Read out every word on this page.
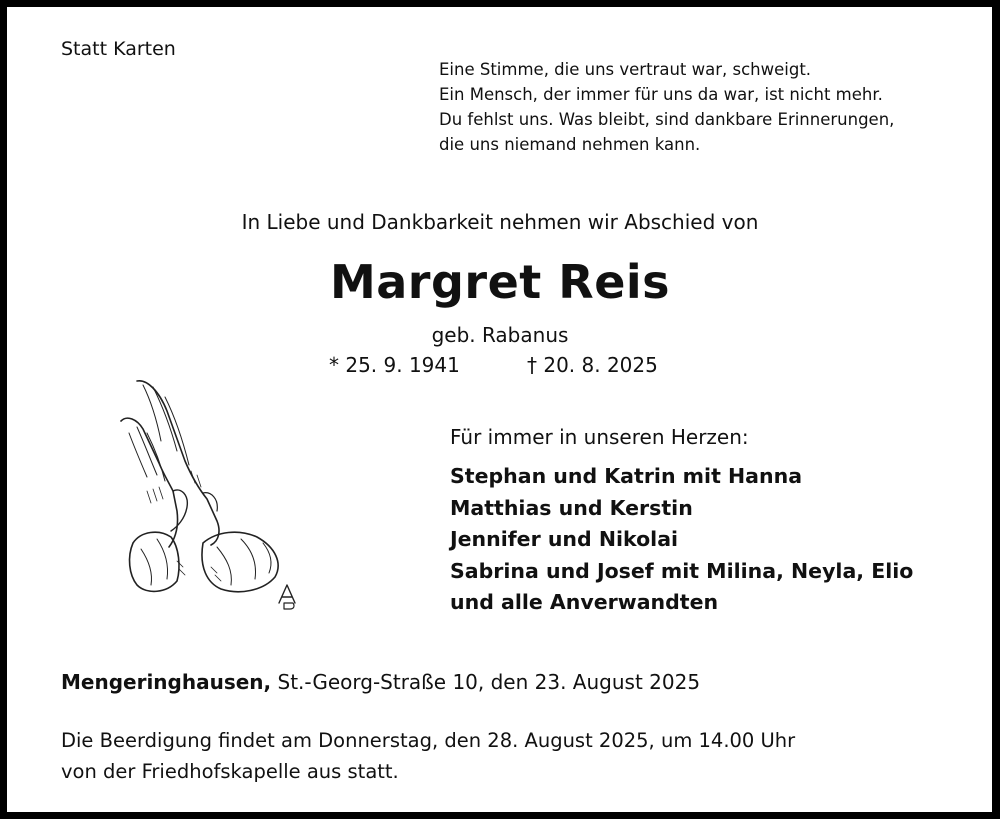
Statt Karten
Eine Stimme, die uns vertraut war, schweigt.
Ein Mensch, der immer für uns da war, ist nicht mehr.
Du fehlst uns. Was bleibt, sind dankbare Erinnerungen,
die uns niemand nehmen kann.
In Liebe und Dankbarkeit nehmen wir Abschied von
Margret Reis
geb. Rabanus
* 25. 9. 1941	† 20. 8. 2025
Für immer in unseren Herzen:
Stephan und Katrin mit Hanna
Matthias und Kerstin
Jennifer und Nikolai
Sabrina und Josef mit Milina, Neyla, Elio
und alle Anverwandten
Mengeringhausen, St.-Georg-Straße 10, den 23. August 2025
Die Beerdigung findet am Donnerstag, den 28. August 2025, um 14.00 Uhr
von der Friedhofskapelle aus statt.
